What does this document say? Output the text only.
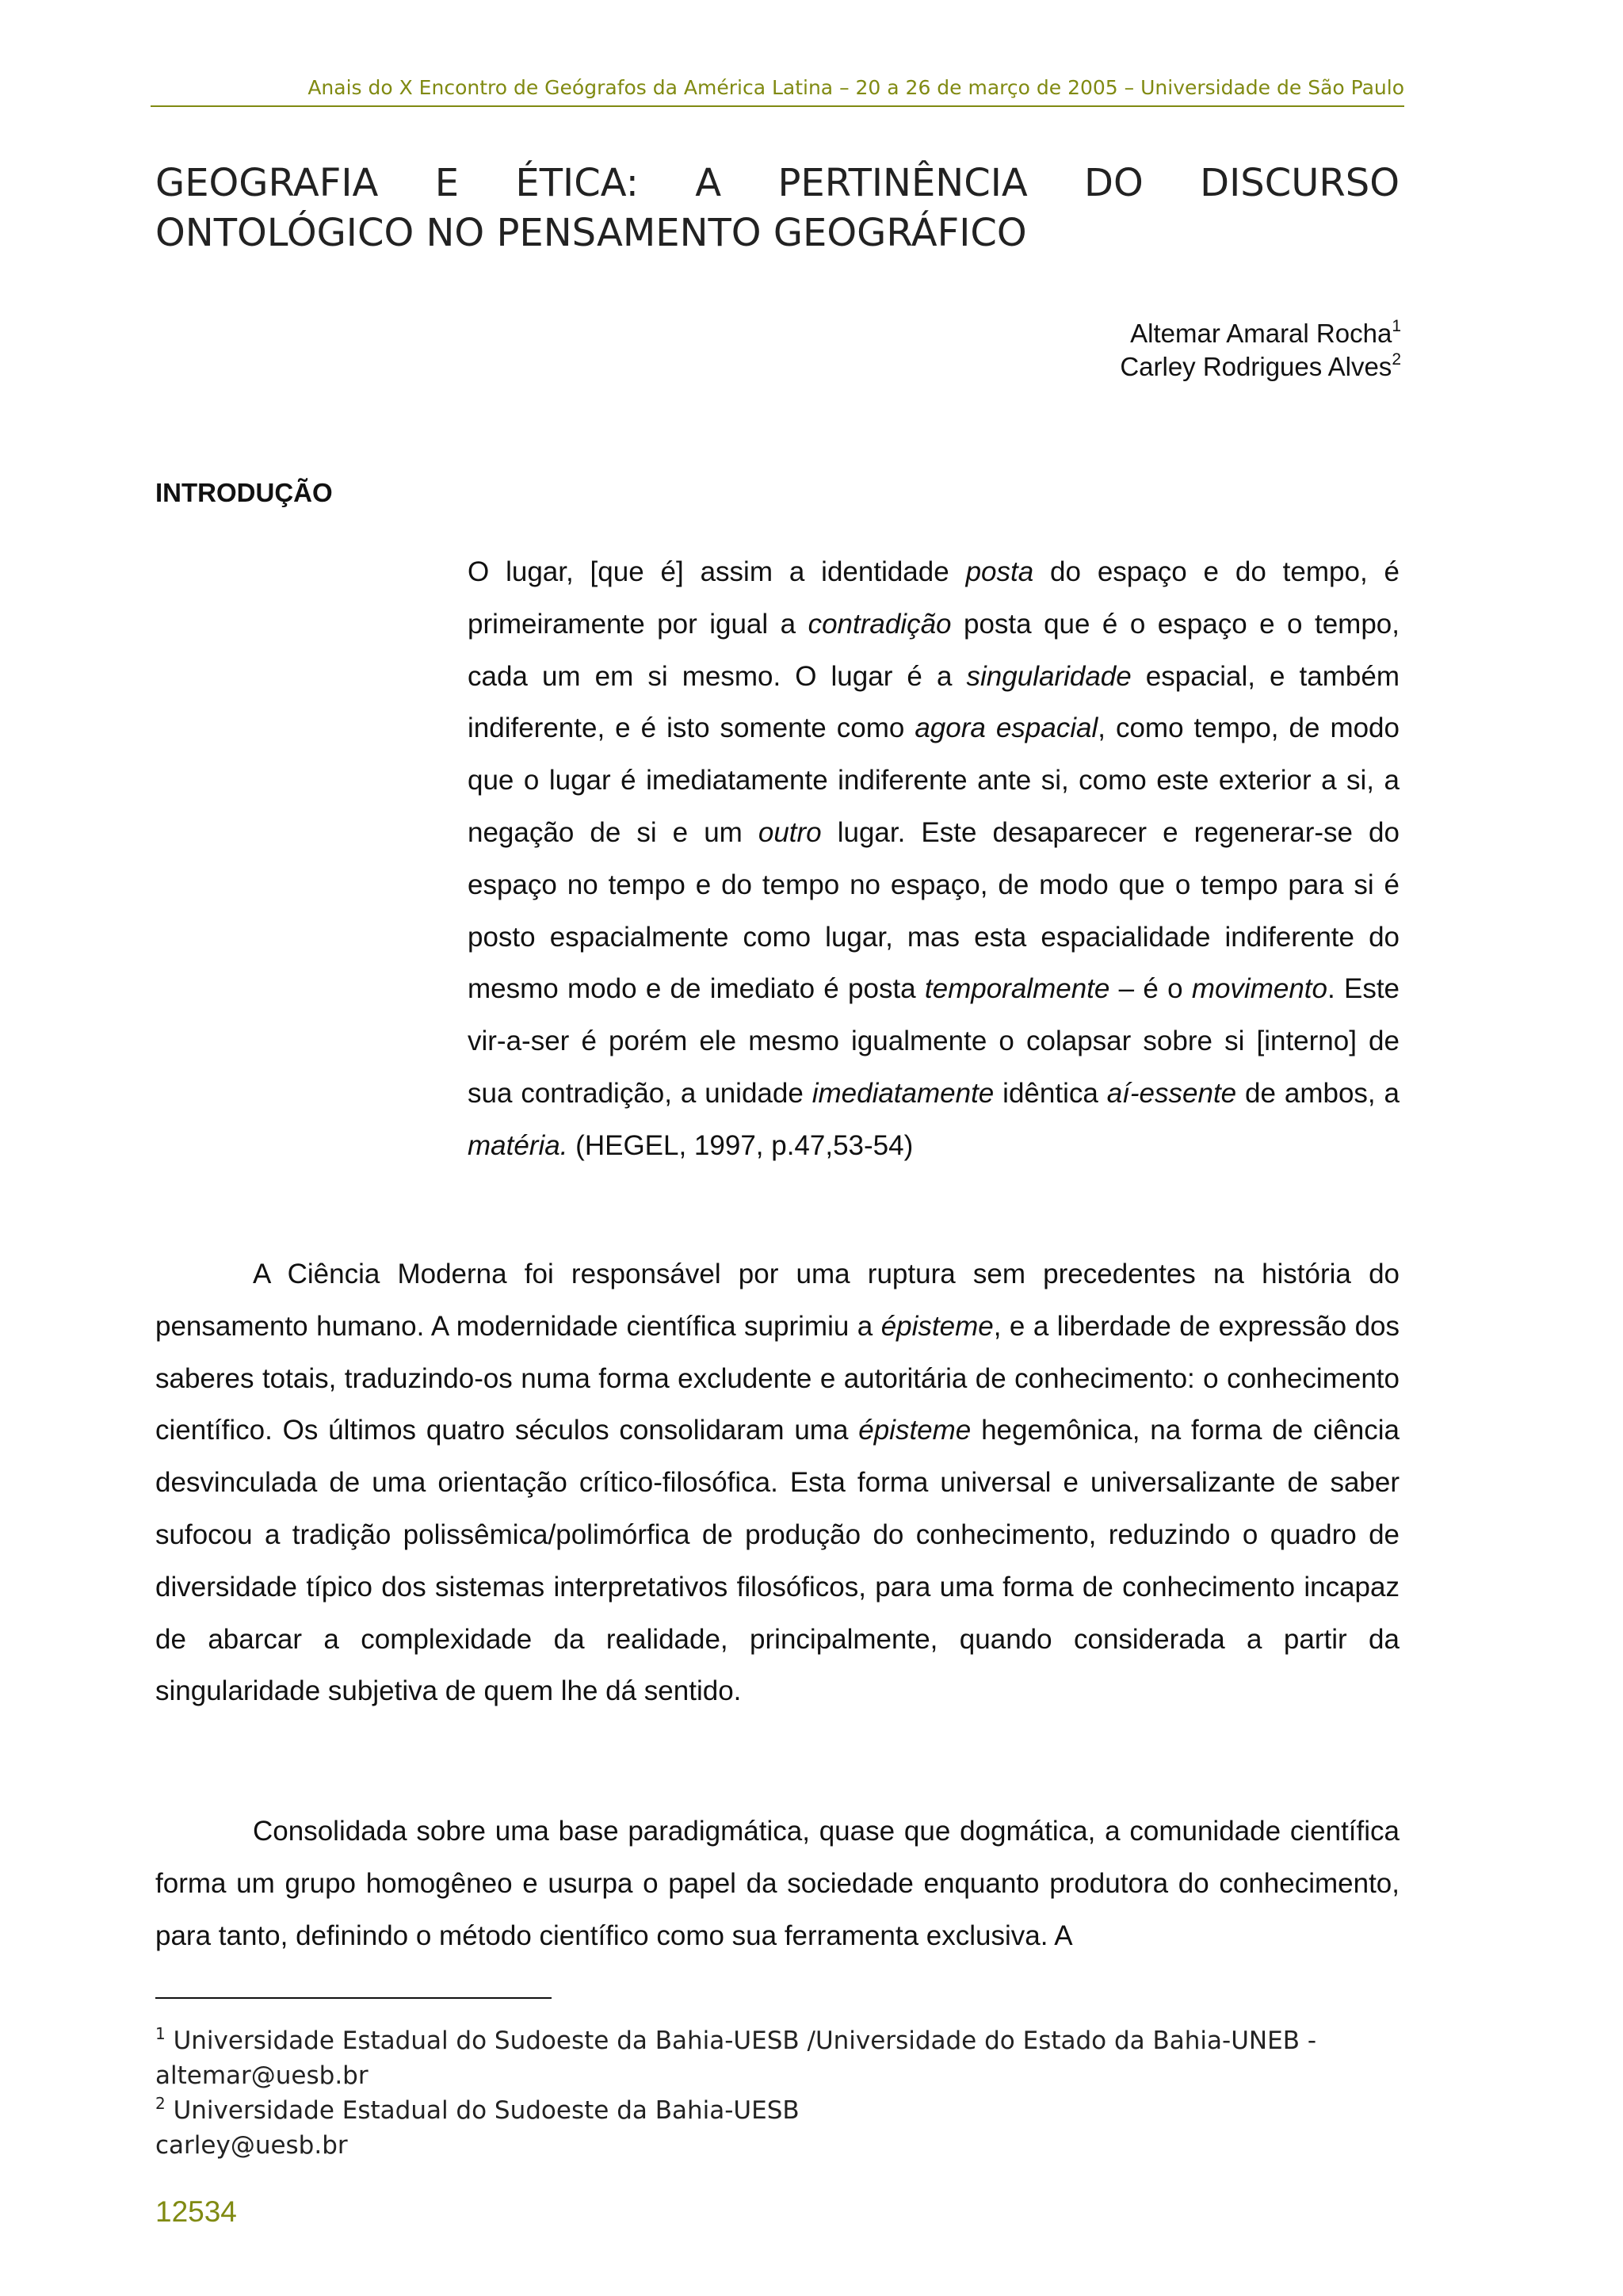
Anais do X Encontro de Geógrafos da América Latina – 20 a 26 de março de 2005 – Universidade de São Paulo
GEOGRAFIA E ÉTICA: A PERTINÊNCIA DO DISCURSO
ONTOLÓGICO NO PENSAMENTO GEOGRÁFICO
Altemar Amaral Rocha$^1$
Carley Rodrigues Alves$^2$
INTRODUÇÃO

O lugar, [que é] assim a identidade posta do espaço e do tempo, é primeiramente por igual a contradição posta que é o espaço e o tempo, cada um em si mesmo. O lugar é a singularidade espacial, e também indiferente, e é isto somente como agora espacial, como tempo, de modo que o lugar é imediatamente indiferente ante si, como este exterior a si, a negação de si e um outro lugar. Este desaparecer e regenerar-se do espaço no tempo e do tempo no espaço, de modo que o tempo para si é posto espacialmente como lugar, mas esta espacialidade indiferente do mesmo modo e de imediato é posta temporalmente – é o movimento. Este vir-a-ser é porém ele mesmo igualmente o colapsar sobre si [interno] de sua contradição, a unidade imediatamente idêntica aí-essente de ambos, a matéria. (HEGEL, 1997, p.47,53-54)

A Ciência Moderna foi responsável por uma ruptura sem precedentes na história do pensamento humano. A modernidade científica suprimiu a épisteme, e a liberdade de expressão dos saberes totais, traduzindo-os numa forma excludente e autoritária de conhecimento: o conhecimento científico. Os últimos quatro séculos consolidaram uma épisteme hegemônica, na forma de ciência desvinculada de uma orientação crítico-filosófica. Esta forma universal e universalizante de saber sufocou a tradição polissêmica/polimórfica de produção do conhecimento, reduzindo o quadro de diversidade típico dos sistemas interpretativos filosóficos, para uma forma de conhecimento incapaz de abarcar a complexidade da realidade, principalmente, quando considerada a partir da singularidade subjetiva de quem lhe dá sentido.

Consolidada sobre uma base paradigmática, quase que dogmática, a comunidade científica forma um grupo homogêneo e usurpa o papel da sociedade enquanto produtora do conhecimento, para tanto, definindo o método científico como sua ferramenta exclusiva. A

$^1$ Universidade Estadual do Sudoeste da Bahia-UESB /Universidade do Estado da Bahia-UNEB -
altemar@uesb.br

$^2$ Universidade Estadual do Sudoeste da Bahia-UESB
carley@uesb.br

12534
